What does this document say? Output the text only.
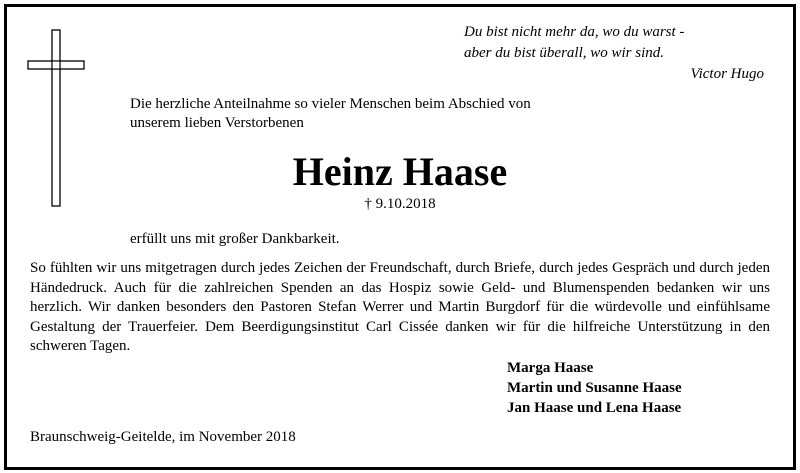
Du bist nicht mehr da, wo du warst -
aber du bist überall, wo wir sind.
Victor Hugo
Die herzliche Anteilnahme so vieler Menschen beim Abschied von unserem lieben Verstorbenen
Heinz Haase
† 9.10.2018
erfüllt uns mit großer Dankbarkeit.
So fühlten wir uns mitgetragen durch jedes Zeichen der Freundschaft, durch Briefe, durch jedes Gespräch und durch jeden Händedruck. Auch für die zahlreichen Spenden an das Hospiz sowie Geld- und Blumenspenden bedanken wir uns herzlich. Wir danken besonders den Pastoren Stefan Werrer und Martin Burgdorf für die würdevolle und einfühlsame Gestaltung der Trauerfeier. Dem Beerdigungsinstitut Carl Cissée danken wir für die hilfreiche Unterstützung in den schweren Tagen.
Marga Haase
Martin und Susanne Haase
Jan Haase und Lena Haase
Braunschweig-Geitelde, im November 2018
